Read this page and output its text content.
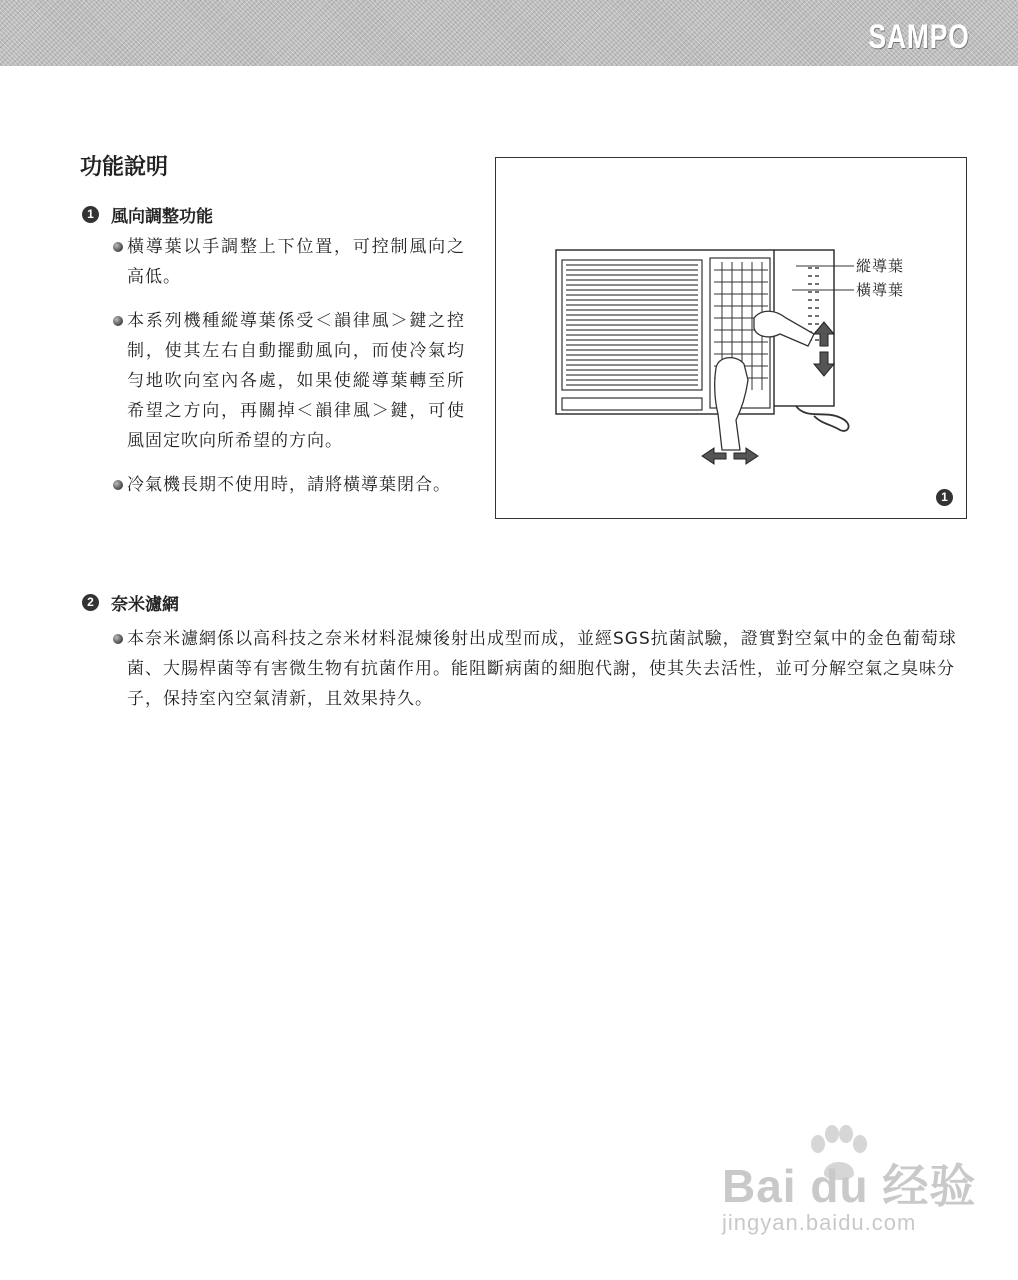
SAMPO
功能說明
1	風向調整功能
橫導葉以手調整上下位置，可控制風向之高低。
本系列機種縱導葉係受＜韻律風＞鍵之控制，使其左右自動擺動風向，而使冷氣均勻地吹向室內各處，如果使縱導葉轉至所希望之方向，再關掉＜韻律風＞鍵，可使風固定吹向所希望的方向。
冷氣機長期不使用時，請將橫導葉閉合。
縱導葉
橫導葉
1
2	奈米濾網

本奈米濾網係以高科技之奈米材料混煉後射出成型而成，並經SGS抗菌試驗，證實對空氣中的金色葡萄球菌、大腸桿菌等有害微生物有抗菌作用。能阻斷病菌的細胞代謝，使其失去活性，並可分解空氣之臭味分子，保持室內空氣清新，且效果持久。

Bai du 经验
jingyan.baidu.com
